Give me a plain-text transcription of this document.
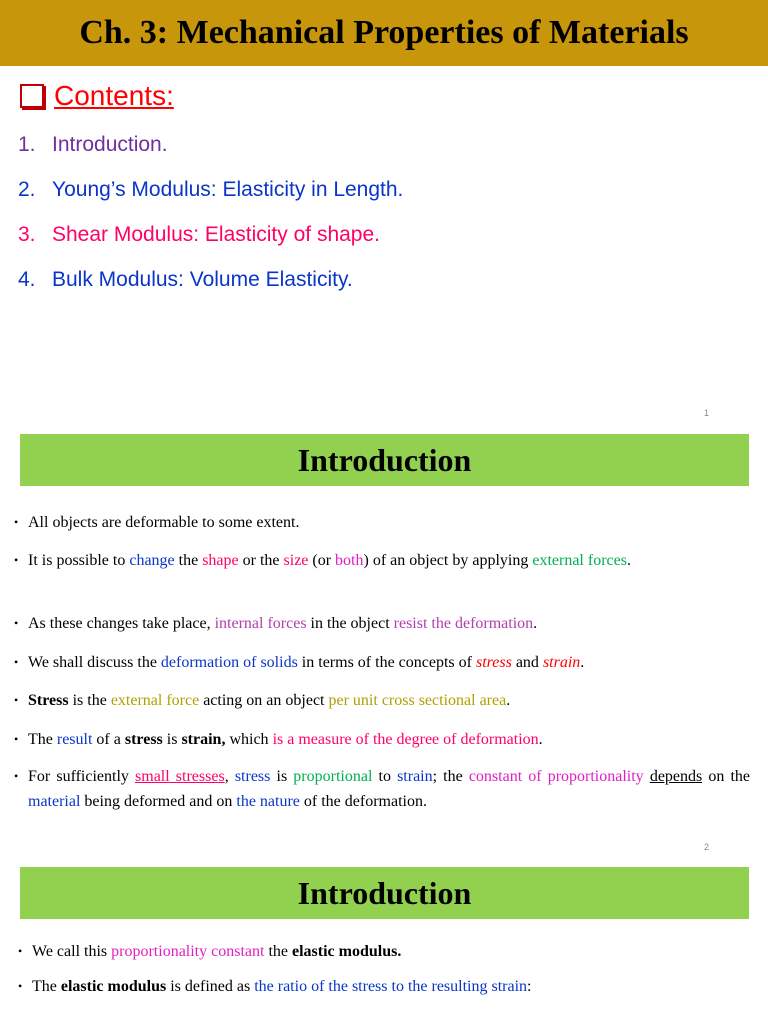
Ch. 3: Mechanical Properties of Materials
Contents:
1. Introduction.
2. Young’s Modulus: Elasticity in Length.
3. Shear Modulus: Elasticity of shape.
4. Bulk Modulus: Volume Elasticity.
1
Introduction
• All objects are deformable to some extent.
• It is possible to change the shape or the size (or both) of an object by applying external forces.
• As these changes take place, internal forces in the object resist the deformation.
• We shall discuss the deformation of solids in terms of the concepts of stress and strain.
• Stress is the external force acting on an object per unit cross sectional area.
• The result of a stress is strain, which is a measure of the degree of deformation.
• For sufficiently small stresses, stress is proportional to strain; the constant of proportionality depends on the material being deformed and on the nature of the deformation.
2
Introduction
• We call this proportionality constant the elastic modulus.
• The elastic modulus is defined as the ratio of the stress to the resulting strain:
